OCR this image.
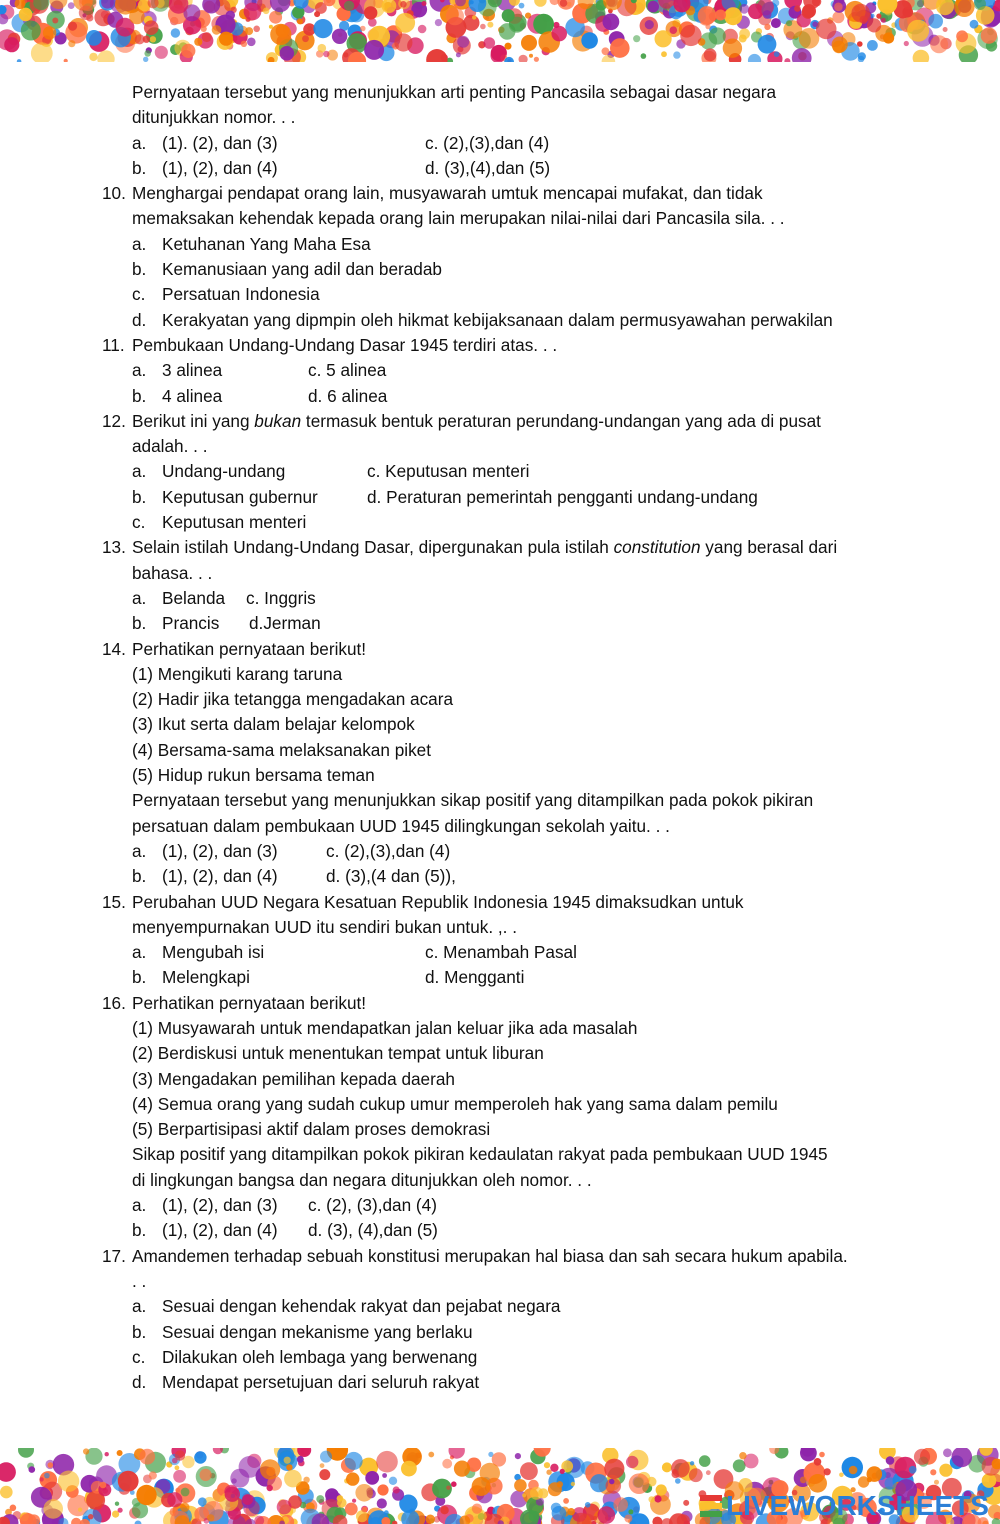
Pernyataan tersebut yang menunjukkan arti penting Pancasila sebagai dasar negara
ditunjukkan nomor. . .
a. (1). (2), dan (3)	c. (2),(3),dan (4)
b. (1), (2), dan (4)	d. (3),(4),dan (5)
10. Menghargai pendapat orang lain, musyawarah umtuk mencapai mufakat, dan tidak
memaksakan kehendak kepada orang lain merupakan nilai-nilai dari Pancasila sila. . .
a. Ketuhanan Yang Maha Esa
b. Kemanusiaan yang adil dan beradab
c. Persatuan Indonesia
d. Kerakyatan yang dipmpin oleh hikmat kebijaksanaan dalam permusyawahan perwakilan
11. Pembukaan Undang-Undang Dasar 1945 terdiri atas. . .
a. 3 alinea	c. 5 alinea
b. 4 alinea	d. 6 alinea
12. Berikut ini yang bukan termasuk bentuk peraturan perundang-undangan yang ada di pusat
adalah. . .
a. Undang-undang	c. Keputusan menteri
b. Keputusan gubernur	d. Peraturan pemerintah pengganti undang-undang
c. Keputusan menteri
13. Selain istilah Undang-Undang Dasar, dipergunakan pula istilah constitution yang berasal dari
bahasa. . .
a. Belanda c. Inggris
b. Prancis d.Jerman
14. Perhatikan pernyataan berikut!
(1) Mengikuti karang taruna
(2) Hadir jika tetangga mengadakan acara
(3) Ikut serta dalam belajar kelompok
(4) Bersama-sama melaksanakan piket
(5) Hidup rukun bersama teman
Pernyataan tersebut yang menunjukkan sikap positif yang ditampilkan pada pokok pikiran
persatuan dalam pembukaan UUD 1945 dilingkungan sekolah yaitu. . .
a. (1), (2), dan (3)	c. (2),(3),dan (4)
b. (1), (2), dan (4)	d. (3),(4 dan (5)),
15. Perubahan UUD Negara Kesatuan Republik Indonesia 1945 dimaksudkan untuk
menyempurnakan UUD itu sendiri bukan untuk. ,. .
a. Mengubah isi	c. Menambah Pasal
b. Melengkapi	d. Mengganti
16. Perhatikan pernyataan berikut!
(1) Musyawarah untuk mendapatkan jalan keluar jika ada masalah
(2) Berdiskusi untuk menentukan tempat untuk liburan
(3) Mengadakan pemilihan kepada daerah
(4) Semua orang yang sudah cukup umur memperoleh hak yang sama dalam pemilu
(5) Berpartisipasi aktif dalam proses demokrasi
Sikap positif yang ditampilkan pokok pikiran kedaulatan rakyat pada pembukaan UUD 1945
di lingkungan bangsa dan negara ditunjukkan oleh nomor. . .
a. (1), (2), dan (3) c. (2), (3),dan (4)
b. (1), (2), dan (4) d. (3), (4),dan (5)
17. Amandemen terhadap sebuah konstitusi merupakan hal biasa dan sah secara hukum apabila.
. .
a. Sesuai dengan kehendak rakyat dan pejabat negara
b. Sesuai dengan mekanisme yang berlaku
c. Dilakukan oleh lembaga yang berwenang
d. Mendapat persetujuan dari seluruh rakyat
LIVEWORKSHEETS
